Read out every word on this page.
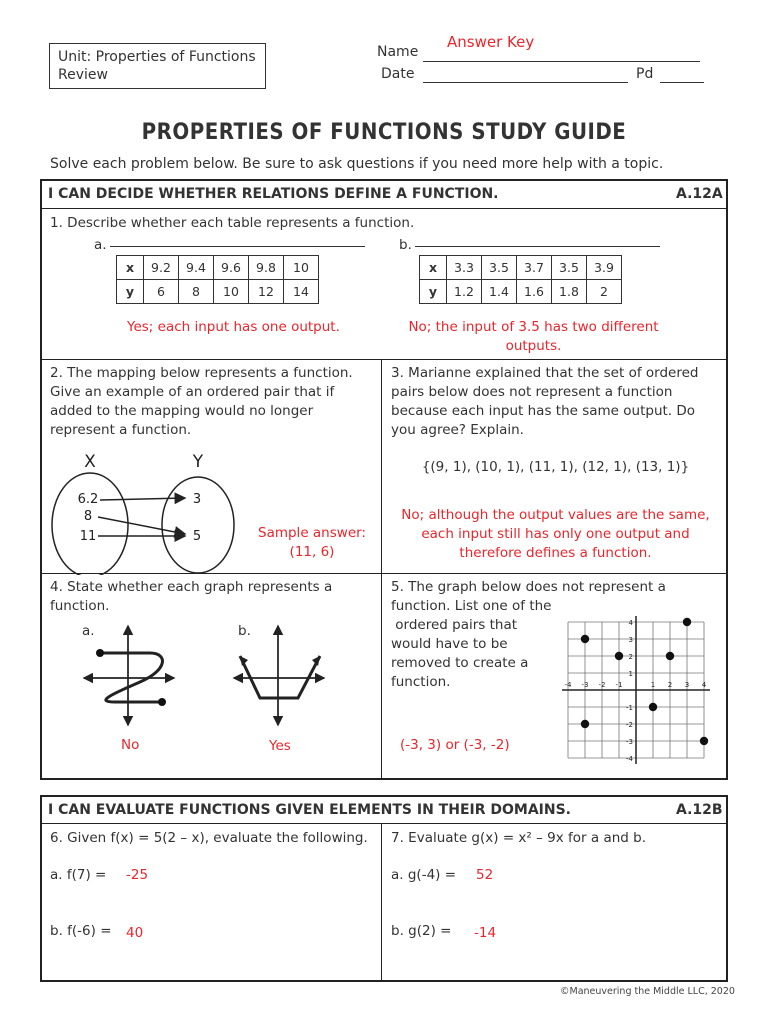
Unit: Properties of Functions
Review
Name
Answer Key
Date	Pd
PROPERTIES OF FUNCTIONS STUDY GUIDE
Solve each problem below. Be sure to ask questions if you need more help with a topic.
I CAN DECIDE WHETHER RELATIONS DEFINE A FUNCTION.	A.12A
1. Describe whether each table represents a function.
a.	b.
x	9.2	9.4	9.6	9.8	10
y	6	8	10	12	14
x	3.3	3.5	3.7	3.5	3.9
y	1.2	1.4	1.6	1.8	2
Yes; each input has one output.	No; the input of 3.5 has two different
outputs.
2. The mapping below represents a function.
Give an example of an ordered pair that if
added to the mapping would no longer
represent a function.
X	Y
6.2
8
11
3
5	Sample answer:
(11, 6)
3. Marianne explained that the set of ordered
pairs below does not represent a function
because each input has the same output. Do
you agree? Explain.
{(9, 1), (10, 1), (11, 1), (12, 1), (13, 1)}
No; although the output values are the same,
each input still has only one output and
therefore defines a function.
4. State whether each graph represents a
function.
a.	b.
No	Yes
5. The graph below does not represent a
function. List one of the
ordered pairs that
would have to be
removed to create a
function.	-4 -3 -2 -1	1 2 3 4
4
3
2
1
-1
-2
-3
-4
(-3, 3) or (-3, -2)
I CAN EVALUATE FUNCTIONS GIVEN ELEMENTS IN THEIR DOMAINS.	A.12B
6. Given f(x) = 5(2 – x), evaluate the following.
a. f(7) = -25
b. f(-6) = 40
7. Evaluate g(x) = x² – 9x for a and b.
a. g(-4) = 52
b. g(2) = -14
©Maneuvering the Middle LLC, 2020
